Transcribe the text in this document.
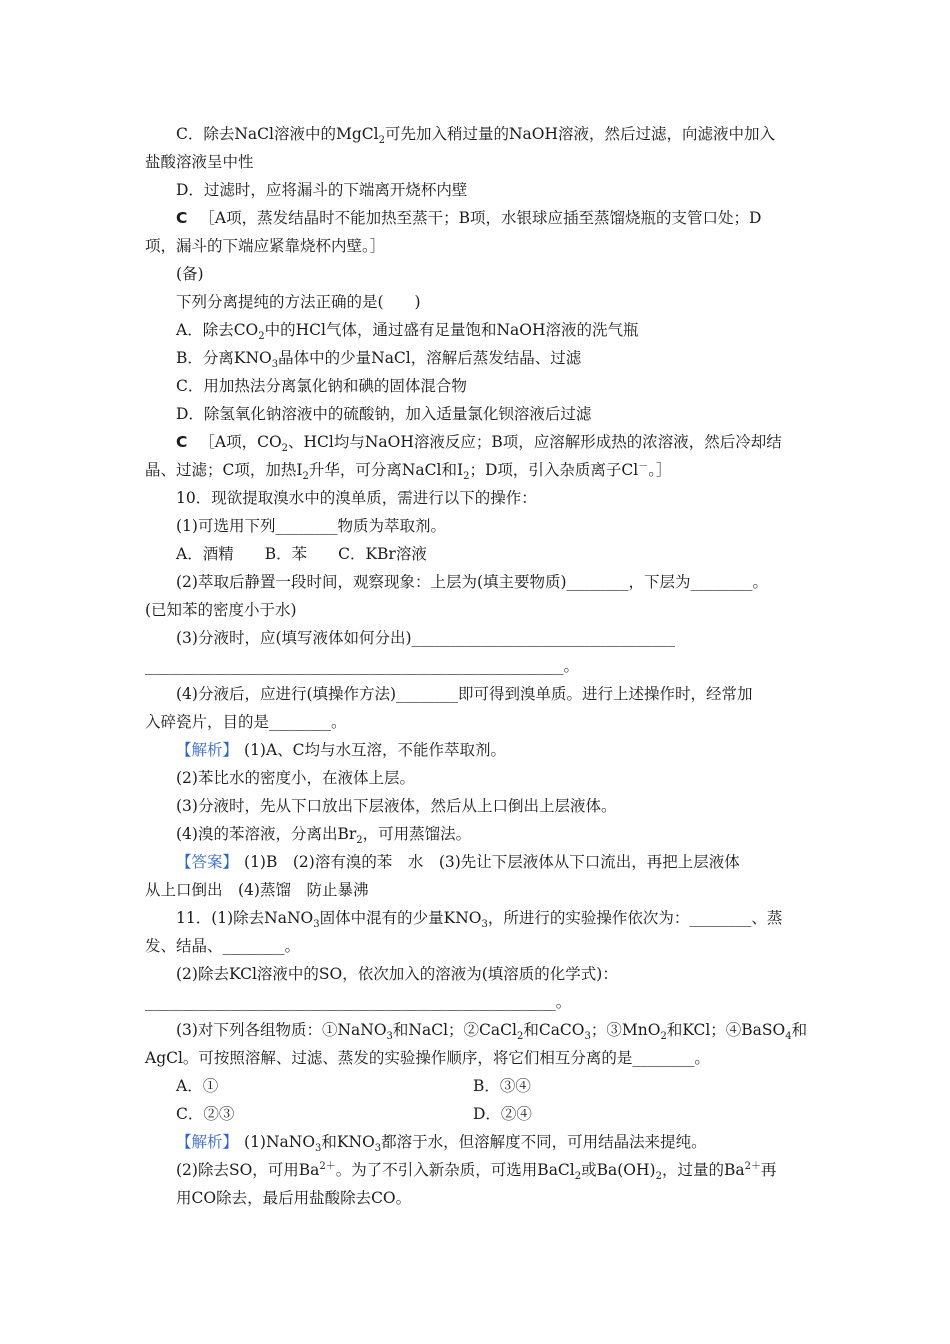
C．除去NaCl溶液中的MgCl$_2$可先加入稍过量的NaOH溶液，然后过滤，向滤液中加入
盐酸溶液呈中性
D．过滤时，应将漏斗的下端离开烧杯内壁
C ［A项，蒸发结晶时不能加热至蒸干；B项，水银球应插至蒸馏烧瓶的支管口处；D
项，漏斗的下端应紧靠烧杯内壁。］
(备)
下列分离提纯的方法正确的是(　　)
A．除去$CO_2$中的HCl气体，通过盛有足量饱和NaOH溶液的洗气瓶
B．分离$KNO_3$晶体中的少量NaCl，溶解后蒸发结晶、过滤
C．用加热法分离氯化钠和碘的固体混合物
D．除氢氧化钠溶液中的硫酸钠，加入适量氯化钡溶液后过滤
C ［A项，$CO_2$、HCl均与NaOH溶液反应；B项，应溶解形成热的浓溶液，然后冷却结
晶、过滤；C项，加热$I_2$升华，可分离NaCl和$I_2$；D项，引入杂质离子Cl－。］
10．现欲提取溴水中的溴单质，需进行以下的操作：
(1)可选用下列________物质为萃取剂。
A．酒精　　B．苯　　C．KBr溶液
(2)萃取后静置一段时间，观察现象：上层为(填主要物质)________，下层为________。
(已知苯的密度小于水)
(3)分液时，应(填写液体如何分出)__________________________________
______________________________________________________。
(4)分液后，应进行(填操作方法)________即可得到溴单质。进行上述操作时，经常加
入碎瓷片，目的是________。
【解析】 (1)A、C均与水互溶，不能作萃取剂。
(2)苯比水的密度小，在液体上层。
(3)分液时，先从下口放出下层液体，然后从上口倒出上层液体。
(4)溴的苯溶液，分离出$Br_2$，可用蒸馏法。
【答案】 (1)B　(2)溶有溴的苯　水　(3)先让下层液体从下口流出，再把上层液体
从上口倒出　(4)蒸馏　防止暴沸
11．(1)除去NaNO$_3$固体中混有的少量$KNO_3$，所进行的实验操作依次为：________、蒸
发、结晶、________。
(2)除去KCl溶液中的SO，依次加入的溶液为(填溶质的化学式)：
_____________________________________________________。
(3)对下列各组物质：①NaNO$_3$和NaCl；②CaCl$_2$和CaCO$_3$；③MnO$_2$和KCl；④BaSO$_4$和
AgCl。可按照溶解、过滤、蒸发的实验操作顺序，将它们相互分离的是________。
A．①	B．③④
C．②③	D．②④
【解析】 (1)NaNO$_3$和$KNO_3$都溶于水，但溶解度不同，可用结晶法来提纯。
(2)除去SO，可用$Ba^{2+}$。为了不引入新杂质，可选用BaCl$_2$或$Ba(OH)_2$，过量的$Ba^{2+}$再
用CO除去，最后用盐酸除去CO。
